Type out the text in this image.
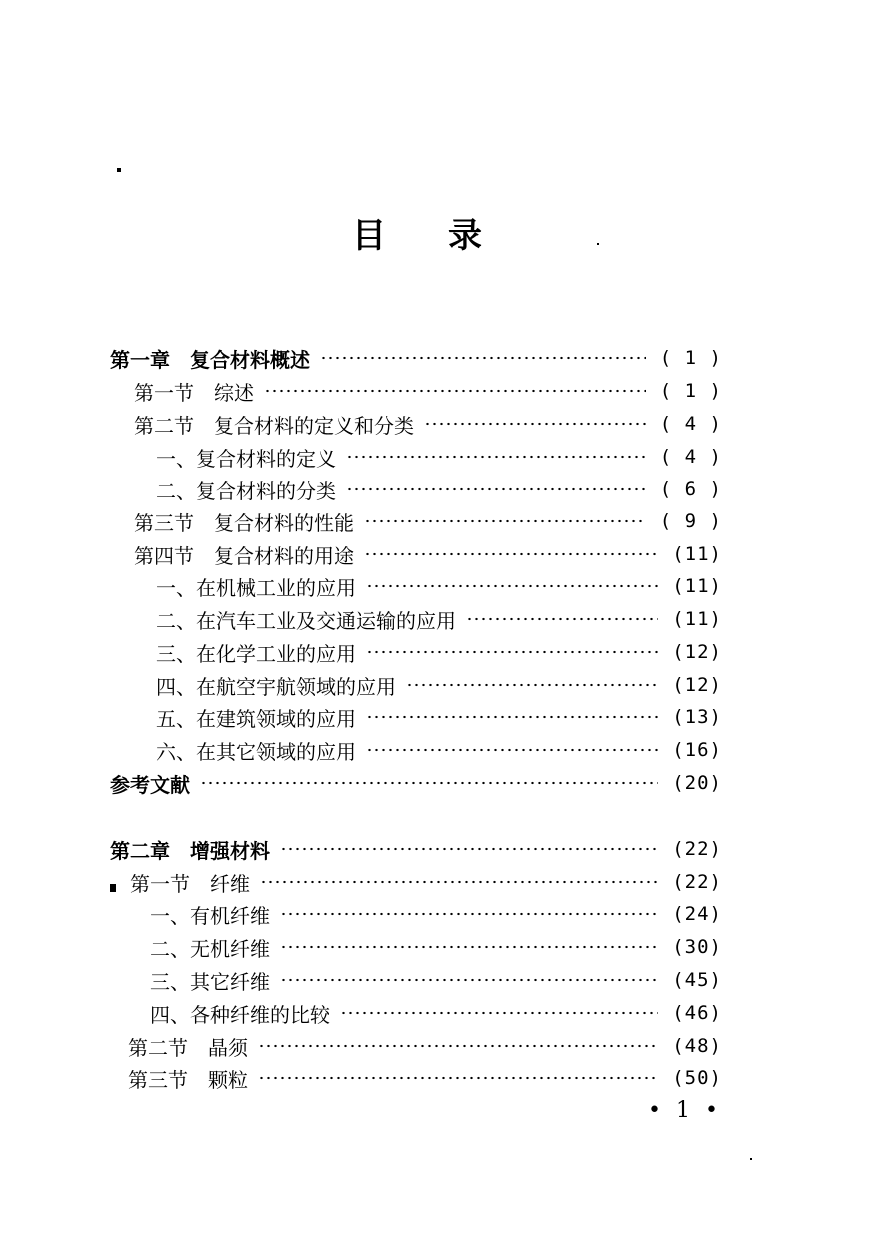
目 录
第一章　复合材料概述	( 1 )
第一节　综述	( 1 )
第二节　复合材料的定义和分类	( 4 )
一、复合材料的定义	( 4 )
二、复合材料的分类	( 6 )
第三节　复合材料的性能	( 9 )
第四节　复合材料的用途	(11)
一、在机械工业的应用	(11)
二、在汽车工业及交通运输的应用	(11)
三、在化学工业的应用	(12)
四、在航空宇航领域的应用	(12)
五、在建筑领域的应用	(13)
六、在其它领域的应用	(16)
参考文献	(20)
第二章　增强材料	(22)
第一节　纤维	(22)
一、有机纤维	(24)
二、无机纤维	(30)
三、其它纤维	(45)
四、各种纤维的比较	(46)
第二节　晶须	(48)
第三节　颗粒	(50)
• 1 •
